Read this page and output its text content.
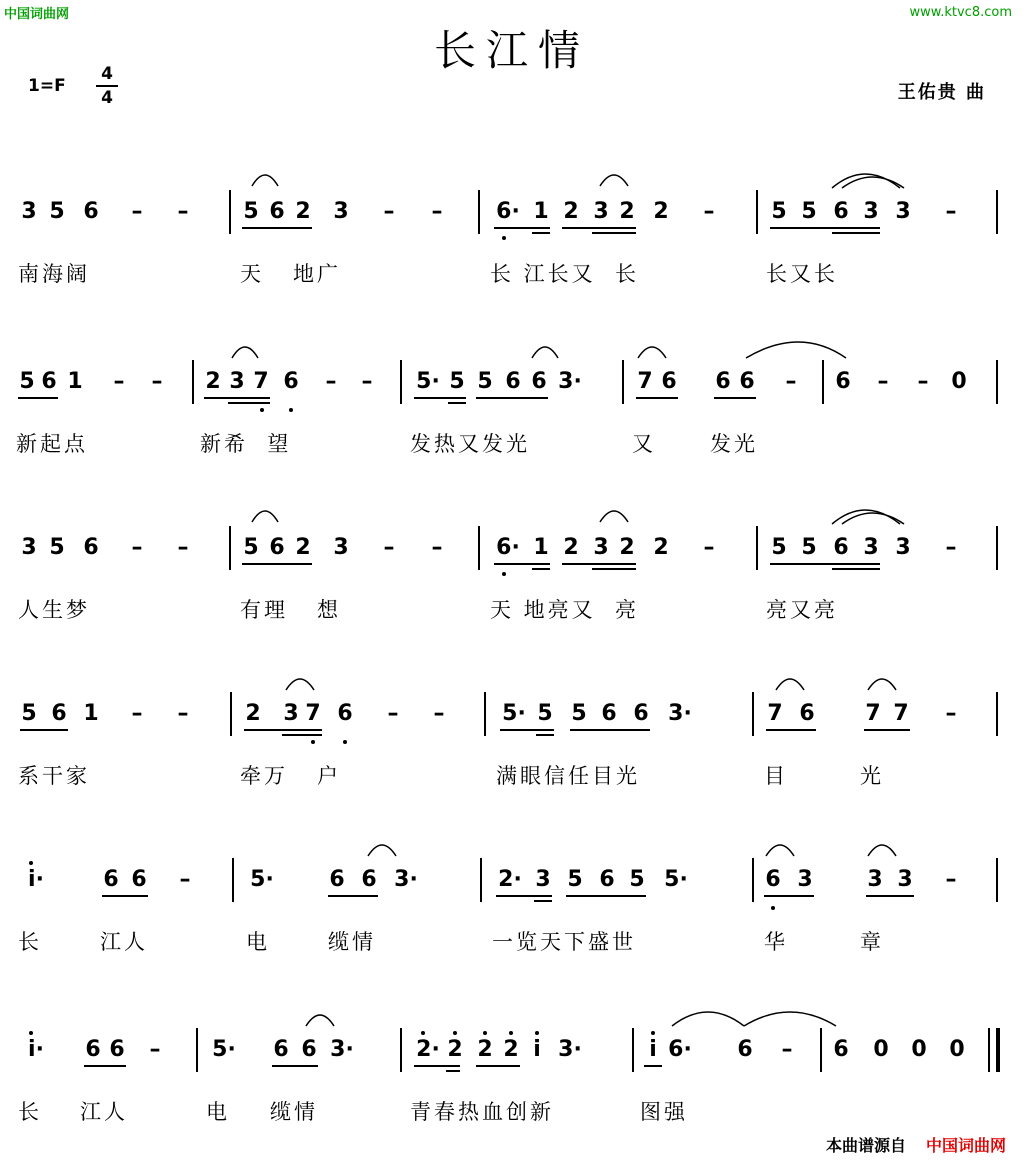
中国词曲网	www.ktvc8.com
长江情
1=F
4
4	王佑贵 曲
3 5 6 – – 5 6 2 3 – – 6· 1 2 3 2 2 –	5 5 6 3 3 –
南海阔	天   地广	长 江长又  长	长又长
5 6 1 – – 2 3 7 6 – – 5· 5 5 6 6 3·	7 6 6 6 – 6 – – 0
新起点	新希  望	发热又发光	又	发光
3 5 6 – – 5 6 2 3 – – 6· 1 2 3 2 2 –	5 5 6 3 3 –
人生梦	有理   想	天 地亮又  亮	亮又亮
5 6 1 – –	2 3 7 6 – –	5· 5 5 6 6 3·	7 6 7 7 –
系干家	牵万   户	满眼信任目光	目	光
i·	6 6 –	5·	6 6 3·	2· 3 5 6 5 5·	6 3 3 3 –
长	江人	电	缆情	一览天下盛世	华	章
i· 6 6 – 5· 6 6 3·	2· 2 2 2 i 3·	i 6· 6 – 6 0 0 0
长 江人	电 缆情	青春热血创新	图强
本曲谱源自 中国词曲网
